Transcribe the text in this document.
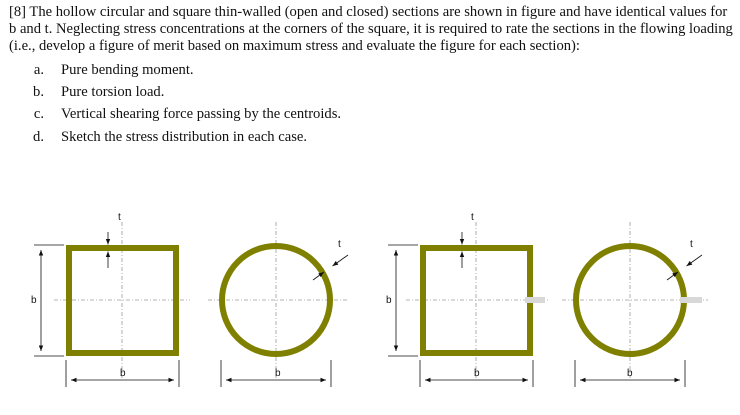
[8] The hollow circular and square thin-walled (open and closed) sections are shown in figure and have identical values for b and t. Neglecting stress concentrations at the corners of the square, it is required to rate the sections in the flowing loading (i.e., develop a figure of merit based on maximum stress and evaluate the figure for each section):

a.	Pure bending moment.
b.	Pure torsion load.
c.	Vertical shearing force passing by the centroids.
d.	Sketch the stress distribution in each case.
t
b
b
t
b
t
b
b
t
b
